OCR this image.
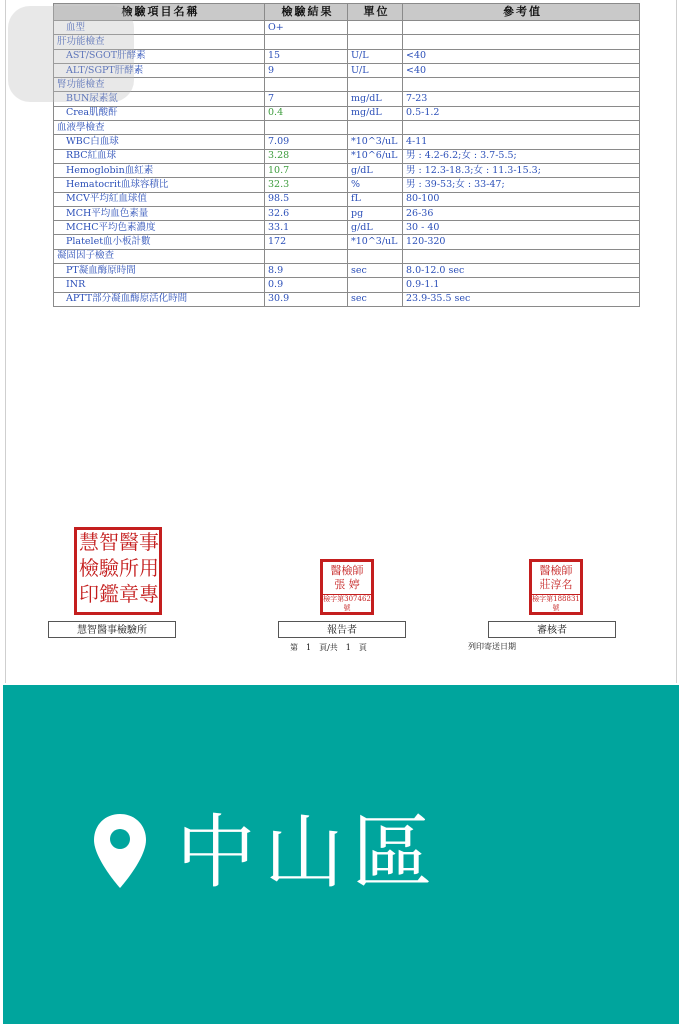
檢驗項目名稱	檢驗結果	單位	參考值
血型	O+		
肝功能檢查			
AST/SGOT肝酵素	15	U/L	<40
ALT/SGPT肝酵素	9	U/L	<40
腎功能檢查			
BUN尿素氮	7	mg/dL	7-23
Crea肌酸酐	0.4	mg/dL	0.5-1.2
血液學檢查			
WBC白血球	7.09	*10^3/uL	4-11
RBC紅血球	3.28	*10^6/uL	男 : 4.2-6.2;女 : 3.7-5.5;
Hemoglobin血紅素	10.7	g/dL	男 : 12.3-18.3;女 : 11.3-15.3;
Hematocrit血球容積比	32.3	%	男 : 39-53;女 : 33-47;
MCV平均紅血球值	98.5	fL	80-100
MCH平均血色素量	32.6	pg	26-36
MCHC平均色素濃度	33.1	g/dL	30 - 40
Platelet血小板計數	172	*10^3/uL	120-320
凝固因子檢查			
PT凝血酶原時間	8.9	sec	8.0-12.0 sec
INR	0.9		0.9-1.1
APTT部分凝血酶原活化時間	30.9	sec	23.9-35.5 sec
慧 智 醫 事
檢 驗 所 用
印 鑑 章 專
醫檢師
張 婷
檢字第307462號
醫檢師
莊淳名
檢字第188831號
慧智醫事檢驗所	報告者	審核者
第　1　頁/共　1　頁	列印寄送日期
中山區
